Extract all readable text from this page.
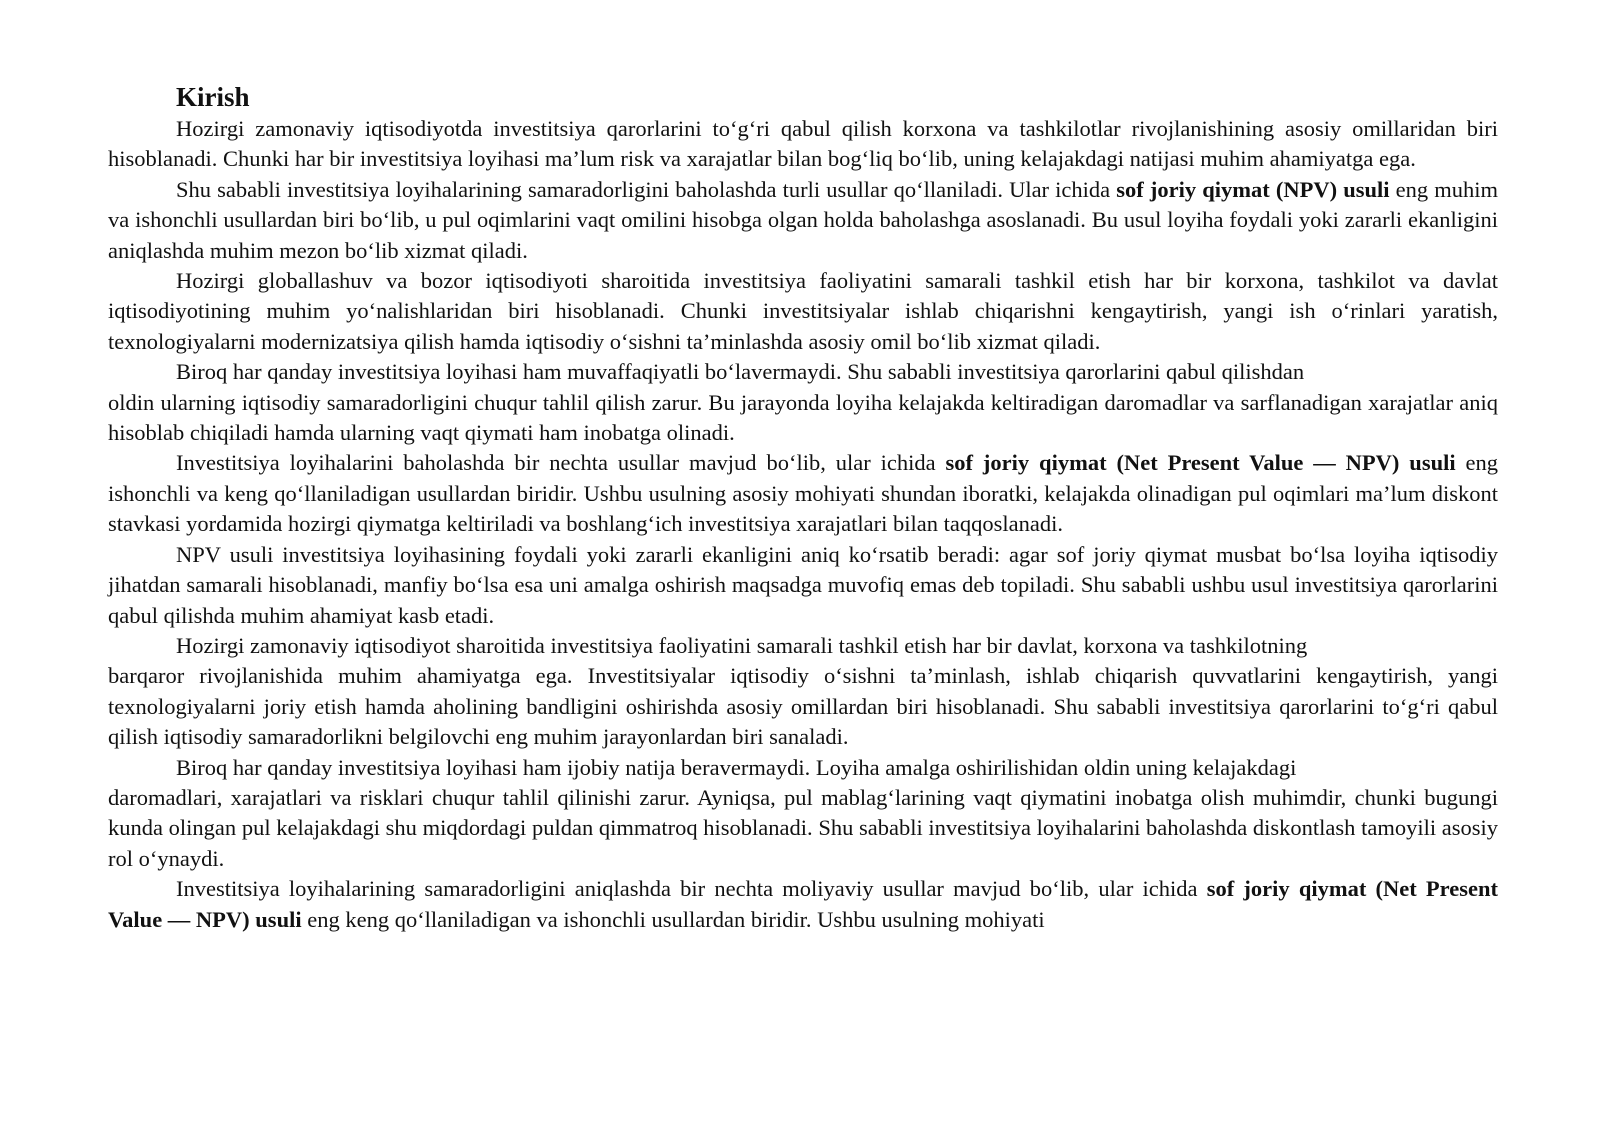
Kirish

Hozirgi zamonaviy iqtisodiyotda investitsiya qarorlarini to‘g‘ri qabul qilish korxona va tashkilotlar rivojlanishining asosiy omillaridan biri hisoblanadi. Chunki har bir investitsiya loyihasi ma’lum risk va xarajatlar bilan bog‘liq bo‘lib, uning kelajakdagi natijasi muhim ahamiyatga ega.

Shu sababli investitsiya loyihalarining samaradorligini baholashda turli usullar qo‘llaniladi. Ular ichida sof joriy qiymat (NPV) usuli eng muhim va ishonchli usullardan biri bo‘lib, u pul oqimlarini vaqt omilini hisobga olgan holda baholashga asoslanadi. Bu usul loyiha foydali yoki zararli ekanligini aniqlashda muhim mezon bo‘lib xizmat qiladi.

Hozirgi globallashuv va bozor iqtisodiyoti sharoitida investitsiya faoliyatini samarali tashkil etish har bir korxona, tashkilot va davlat iqtisodiyotining muhim yo‘nalishlaridan biri hisoblanadi. Chunki investitsiyalar ishlab chiqarishni kengaytirish, yangi ish o‘rinlari yaratish, texnologiyalarni modernizatsiya qilish hamda iqtisodiy o‘sishni ta’minlashda asosiy omil bo‘lib xizmat qiladi.

Biroq har qanday investitsiya loyihasi ham muvaffaqiyatli bo‘lavermaydi. Shu sababli investitsiya qarorlarini qabul qilishdan

oldin ularning iqtisodiy samaradorligini chuqur tahlil qilish zarur. Bu jarayonda loyiha kelajakda keltiradigan daromadlar va sarflanadigan xarajatlar aniq hisoblab chiqiladi hamda ularning vaqt qiymati ham inobatga olinadi.

Investitsiya loyihalarini baholashda bir nechta usullar mavjud bo‘lib, ular ichida sof joriy qiymat (Net Present Value — NPV) usuli eng ishonchli va keng qo‘llaniladigan usullardan biridir. Ushbu usulning asosiy mohiyati shundan iboratki, kelajakda olinadigan pul oqimlari ma’lum diskont stavkasi yordamida hozirgi qiymatga keltiriladi va boshlang‘ich investitsiya xarajatlari bilan taqqoslanadi.

NPV usuli investitsiya loyihasining foydali yoki zararli ekanligini aniq ko‘rsatib beradi: agar sof joriy qiymat musbat bo‘lsa loyiha iqtisodiy jihatdan samarali hisoblanadi, manfiy bo‘lsa esa uni amalga oshirish maqsadga muvofiq emas deb topiladi. Shu sababli ushbu usul investitsiya qarorlarini qabul qilishda muhim ahamiyat kasb etadi.

Hozirgi zamonaviy iqtisodiyot sharoitida investitsiya faoliyatini samarali tashkil etish har bir davlat, korxona va tashkilotning

barqaror rivojlanishida muhim ahamiyatga ega. Investitsiyalar iqtisodiy o‘sishni ta’minlash, ishlab chiqarish quvvatlarini kengaytirish, yangi texnologiyalarni joriy etish hamda aholining bandligini oshirishda asosiy omillardan biri hisoblanadi. Shu sababli investitsiya qarorlarini to‘g‘ri qabul qilish iqtisodiy samaradorlikni belgilovchi eng muhim jarayonlardan biri sanaladi.

Biroq har qanday investitsiya loyihasi ham ijobiy natija beravermaydi. Loyiha amalga oshirilishidan oldin uning kelajakdagi

daromadlari, xarajatlari va risklari chuqur tahlil qilinishi zarur. Ayniqsa, pul mablag‘larining vaqt qiymatini inobatga olish muhimdir, chunki bugungi kunda olingan pul kelajakdagi shu miqdordagi puldan qimmatroq hisoblanadi. Shu sababli investitsiya loyihalarini baholashda diskontlash tamoyili asosiy rol o‘ynaydi.

Investitsiya loyihalarining samaradorligini aniqlashda bir nechta moliyaviy usullar mavjud bo‘lib, ular ichida sof joriy qiymat (Net Present Value — NPV) usuli eng keng qo‘llaniladigan va ishonchli usullardan biridir. Ushbu usulning mohiyati
